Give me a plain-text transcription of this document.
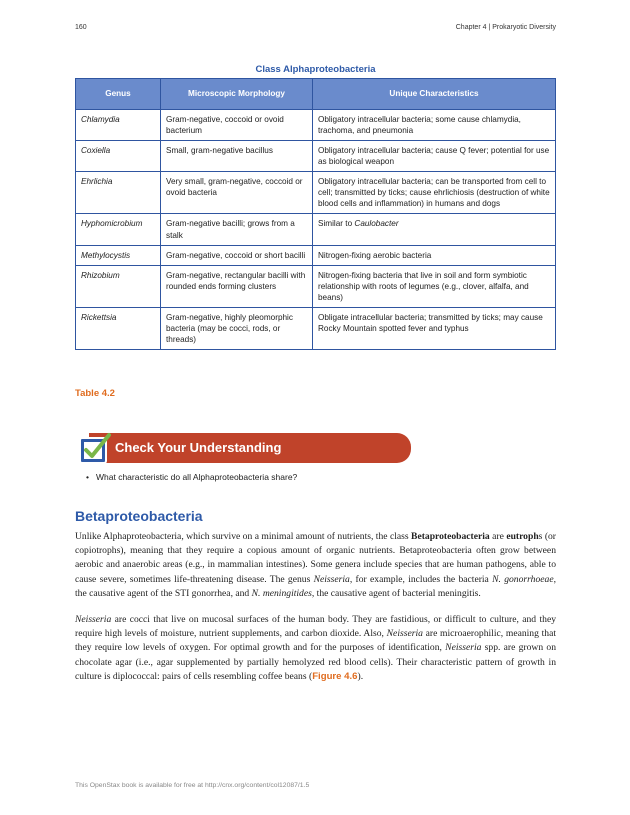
160	Chapter 4 | Prokaryotic Diversity
Class Alphaproteobacteria
Genus	Microscopic Morphology	Unique Characteristics
Chlamydia	Gram-negative, coccoid or ovoid bacterium	Obligatory intracellular bacteria; some cause chlamydia, trachoma, and pneumonia
Coxiella	Small, gram-negative bacillus	Obligatory intracellular bacteria; cause Q fever; potential for use as biological weapon
Ehrlichia	Very small, gram-negative, coccoid or ovoid bacteria	Obligatory intracellular bacteria; can be transported from cell to cell; transmitted by ticks; cause ehrlichiosis (destruction of white blood cells and inflammation) in humans and dogs
Hyphomicrobium	Gram-negative bacilli; grows from a stalk	Similar to Caulobacter
Methylocystis	Gram-negative, coccoid or short bacilli	Nitrogen-fixing aerobic bacteria
Rhizobium	Gram-negative, rectangular bacilli with rounded ends forming clusters	Nitrogen-fixing bacteria that live in soil and form symbiotic relationship with roots of legumes (e.g., clover, alfalfa, and beans)
Rickettsia	Gram-negative, highly pleomorphic bacteria (may be cocci, rods, or threads)	Obligate intracellular bacteria; transmitted by ticks; may cause Rocky Mountain spotted fever and typhus
Table 4.2
Check Your Understanding
• What characteristic do all Alphaproteobacteria share?
Betaproteobacteria
Unlike Alphaproteobacteria, which survive on a minimal amount of nutrients, the class Betaproteobacteria are eutrophs (or copiotrophs), meaning that they require a copious amount of organic nutrients. Betaproteobacteria often grow between aerobic and anaerobic areas (e.g., in mammalian intestines). Some genera include species that are human pathogens, able to cause severe, sometimes life-threatening disease. The genus Neisseria, for example, includes the bacteria N. gonorrhoeae, the causative agent of the STI gonorrhea, and N. meningitides, the causative agent of bacterial meningitis.
Neisseria are cocci that live on mucosal surfaces of the human body. They are fastidious, or difficult to culture, and they require high levels of moisture, nutrient supplements, and carbon dioxide. Also, Neisseria are microaerophilic, meaning that they require low levels of oxygen. For optimal growth and for the purposes of identification, Neisseria spp. are grown on chocolate agar (i.e., agar supplemented by partially hemolyzed red blood cells). Their characteristic pattern of growth in culture is diplococcal: pairs of cells resembling coffee beans (Figure 4.6).
This OpenStax book is available for free at http://cnx.org/content/col12087/1.5
